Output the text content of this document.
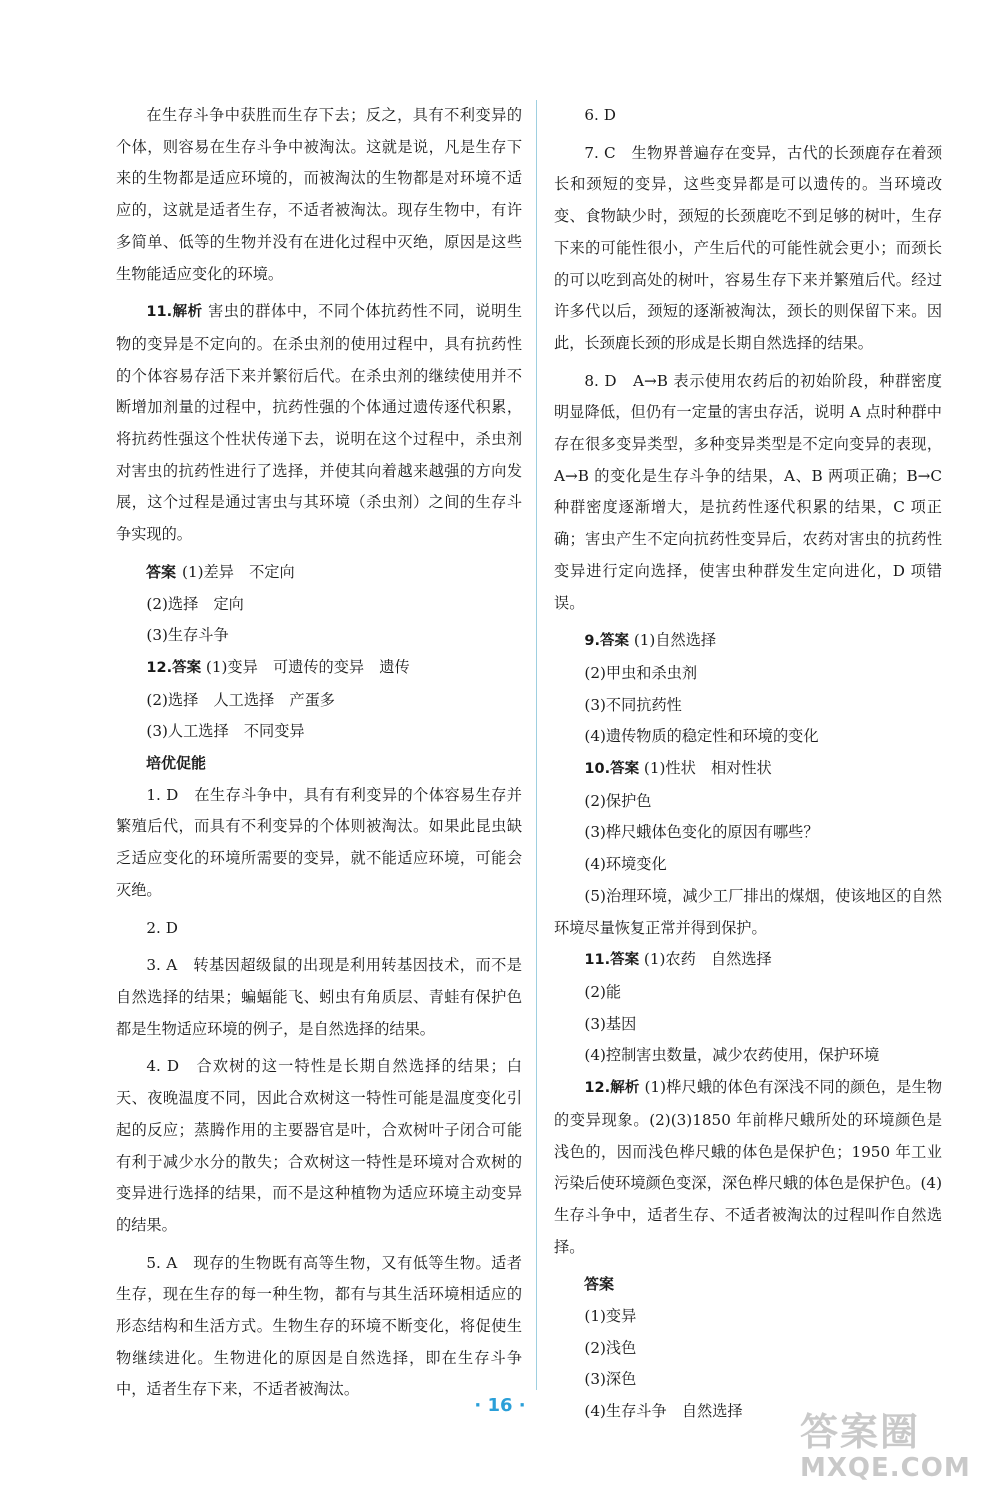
在生存斗争中获胜而生存下去；反之，具有不利变异的个体，则容易在生存斗争中被淘汰。这就是说，凡是生存下来的生物都是适应环境的，而被淘汰的生物都是对环境不适应的，这就是适者生存，不适者被淘汰。现存生物中，有许多简单、低等的生物并没有在进化过程中灭绝，原因是这些生物能适应变化的环境。

11.解析 害虫的群体中，不同个体抗药性不同，说明生物的变异是不定向的。在杀虫剂的使用过程中，具有抗药性的个体容易存活下来并繁衍后代。在杀虫剂的继续使用并不断增加剂量的过程中，抗药性强的个体通过遗传逐代积累，将抗药性强这个性状传递下去，说明在这个过程中，杀虫剂对害虫的抗药性进行了选择，并使其向着越来越强的方向发展，这个过程是通过害虫与其环境（杀虫剂）之间的生存斗争实现的。

答案 (1)差异　不定向
(2)选择　定向
(3)生存斗争
12.答案 (1)变异　可遗传的变异　遗传
(2)选择　人工选择　产蛋多
(3)人工选择　不同变异
培优促能

1. D　在生存斗争中，具有有利变异的个体容易生存并繁殖后代，而具有不利变异的个体则被淘汰。如果此昆虫缺乏适应变化的环境所需要的变异，就不能适应环境，可能会灭绝。

2. D

3. A　转基因超级鼠的出现是利用转基因技术，而不是自然选择的结果；蝙蝠能飞、蚓虫有角质层、青蛙有保护色都是生物适应环境的例子，是自然选择的结果。

4. D　合欢树的这一特性是长期自然选择的结果；白天、夜晚温度不同，因此合欢树这一特性可能是温度变化引起的反应；蒸腾作用的主要器官是叶，合欢树叶子闭合可能有利于减少水分的散失；合欢树这一特性是环境对合欢树的变异进行选择的结果，而不是这种植物为适应环境主动变异的结果。

5. A　现存的生物既有高等生物，又有低等生物。适者生存，现在生存的每一种生物，都有与其生活环境相适应的形态结构和生活方式。生物生存的环境不断变化，将促使生物继续进化。生物进化的原因是自然选择，即在生存斗争中，适者生存下来，不适者被淘汰。

6. D

7. C　生物界普遍存在变异，古代的长颈鹿存在着颈长和颈短的变异，这些变异都是可以遗传的。当环境改变、食物缺少时，颈短的长颈鹿吃不到足够的树叶，生存下来的可能性很小，产生后代的可能性就会更小；而颈长的可以吃到高处的树叶，容易生存下来并繁殖后代。经过许多代以后，颈短的逐渐被淘汰，颈长的则保留下来。因此，长颈鹿长颈的形成是长期自然选择的结果。

8. D　A→B 表示使用农药后的初始阶段，种群密度明显降低，但仍有一定量的害虫存活，说明 A 点时种群中存在很多变异类型，多种变异类型是不定向变异的表现，A→B 的变化是生存斗争的结果，A、B 两项正确；B→C 种群密度逐渐增大，是抗药性逐代积累的结果，C 项正确；害虫产生不定向抗药性变异后，农药对害虫的抗药性变异进行定向选择，使害虫种群发生定向进化，D 项错误。

9.答案 (1)自然选择
(2)甲虫和杀虫剂
(3)不同抗药性
(4)遗传物质的稳定性和环境的变化
10.答案 (1)性状　相对性状
(2)保护色
(3)桦尺蛾体色变化的原因有哪些？
(4)环境变化

(5)治理环境，减少工厂排出的煤烟，使该地区的自然环境尽量恢复正常并得到保护。

11.答案 (1)农药　自然选择
(2)能
(3)基因
(4)控制害虫数量，减少农药使用，保护环境

12.解析 (1)桦尺蛾的体色有深浅不同的颜色，是生物的变异现象。(2)(3)1850 年前桦尺蛾所处的环境颜色是浅色的，因而浅色桦尺蛾的体色是保护色；1950 年工业污染后使环境颜色变深，深色桦尺蛾的体色是保护色。(4)生存斗争中，适者生存、不适者被淘汰的过程叫作自然选择。

答案
(1)变异
(2)浅色
(3)深色
(4)生存斗争　自然选择
· 16 ·
答案圈
MXQE.COM
